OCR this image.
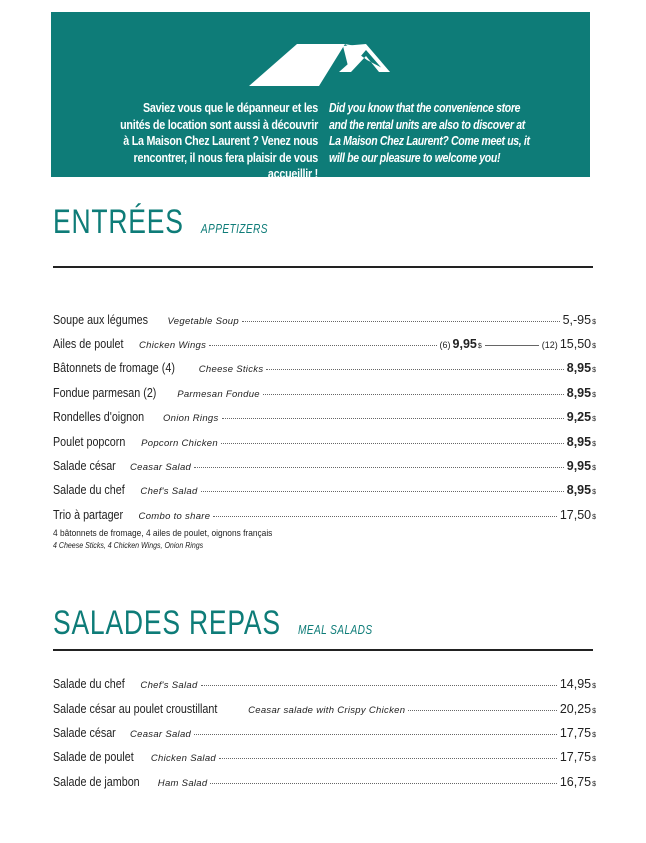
Saviez vous que le dépanneur et les unités de location sont aussi à découvrir à La Maison Chez Laurent ? Venez nous rencontrer, il nous fera plaisir de vous accueillir !
Did you know that the convenience store and the rental units are also to discover at La Maison Chez Laurent? Come meet us, it will be our pleasure to welcome you!
ENTRÉES APPETIZERS
Soupe aux légumes Vegetable Soup	5,-95 $
Ailes de poulet Chicken Wings	(6) 9,95 $	(12) 15,50 $
Bâtonnets de fromage (4)	Cheese Sticks	8,95 $
Fondue parmesan (2) Parmesan Fondue	8,95 $
Rondelles d'oignon Onion Rings	9,25 $
Poulet popcorn Popcorn Chicken	8,95 $
Salade césar Ceasar Salad	9,95 $
Salade du chef Chef's Salad	8,95 $
Trio à partager Combo to share	17,50 $
4 bâtonnets de fromage, 4 ailes de poulet, oignons français
4 Cheese Sticks, 4 Chicken Wings, Onion Rings
SALADES REPAS MEAL SALADS
Salade du chef Chef's Salad	14,95 $
Salade césar au poulet croustillant	Ceasar salade with Crispy Chicken	20,25 $
Salade césar Ceasar Salad	17,75 $
Salade de poulet Chicken Salad	17,75 $
Salade de jambon Ham Salad	16,75 $
